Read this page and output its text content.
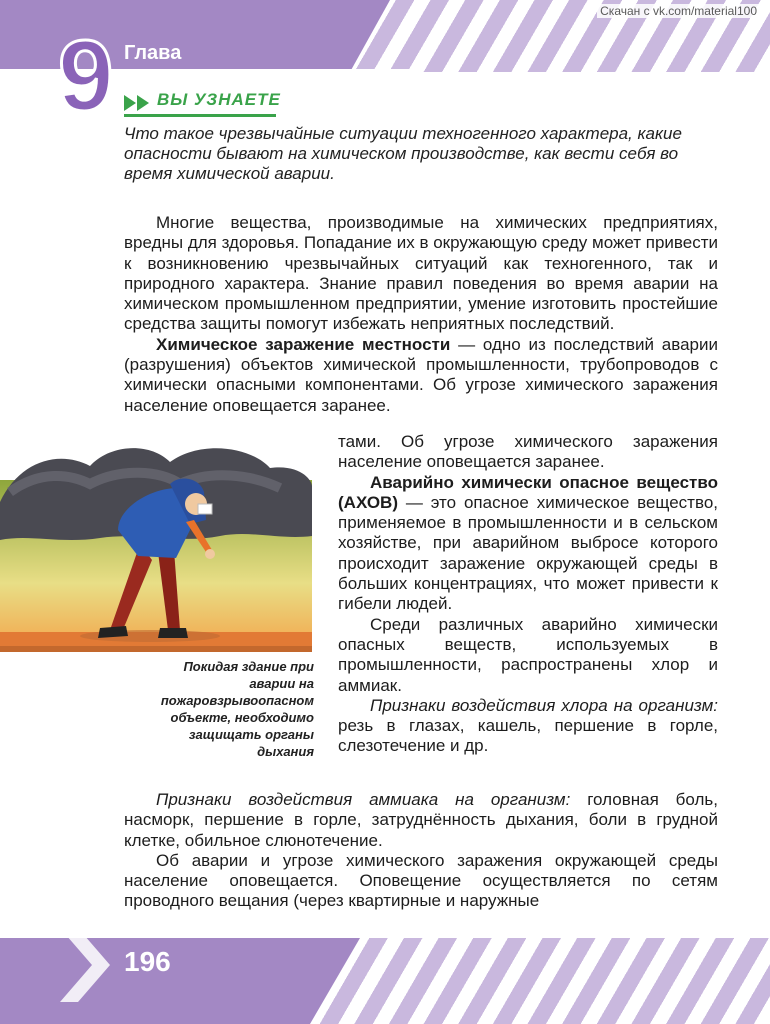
Скачан с vk.com/material100
9 Глава
ВЫ УЗНАЕТЕ
Что такое чрезвычайные ситуации техногенного характера, какие опасности бывают на химическом производстве, как вести себя во время химической аварии.

Многие вещества, производимые на химических предприятиях, вредны для здоровья. Попадание их в окружающую среду может привести к возникновению чрезвычайных ситуаций как техногенного, так и природного характера. Знание правил поведения во время аварии на химическом промышленном предприятии, умение изготовить простейшие средства защиты помогут избежать неприятных последствий.

Химическое заражение местности — одно из последствий аварии (разрушения) объектов химической промышленности, трубопроводов с химически опасными компонентами. Об угрозе химического заражения население оповещается заранее.

Покидая здание при аварии на пожаровзрывоопасном объекте, необходимо защищать органы дыхания

тами. Об угрозе химического заражения население оповещается заранее.

Аварийно химически опасное вещество (АХОВ) — это опасное химическое вещество, применяемое в промышленности и в сельском хозяйстве, при аварийном выбросе которого происходит заражение окружающей среды в больших концентрациях, что может привести к гибели людей.

Среди различных аварийно химически опасных веществ, используемых в промышленности, распространены хлор и аммиак.

Признаки воздействия хлора на организм: резь в глазах, кашель, першение в горле, слезотечение и др.

Признаки воздействия аммиака на организм: головная боль, насморк, першение в горле, затруднённость дыхания, боли в грудной клетке, обильное слюнотечение.

Об аварии и угрозе химического заражения окружающей среды население оповещается. Оповещение осуществляется по сетям проводного вещания (через квартирные и наружные

196
